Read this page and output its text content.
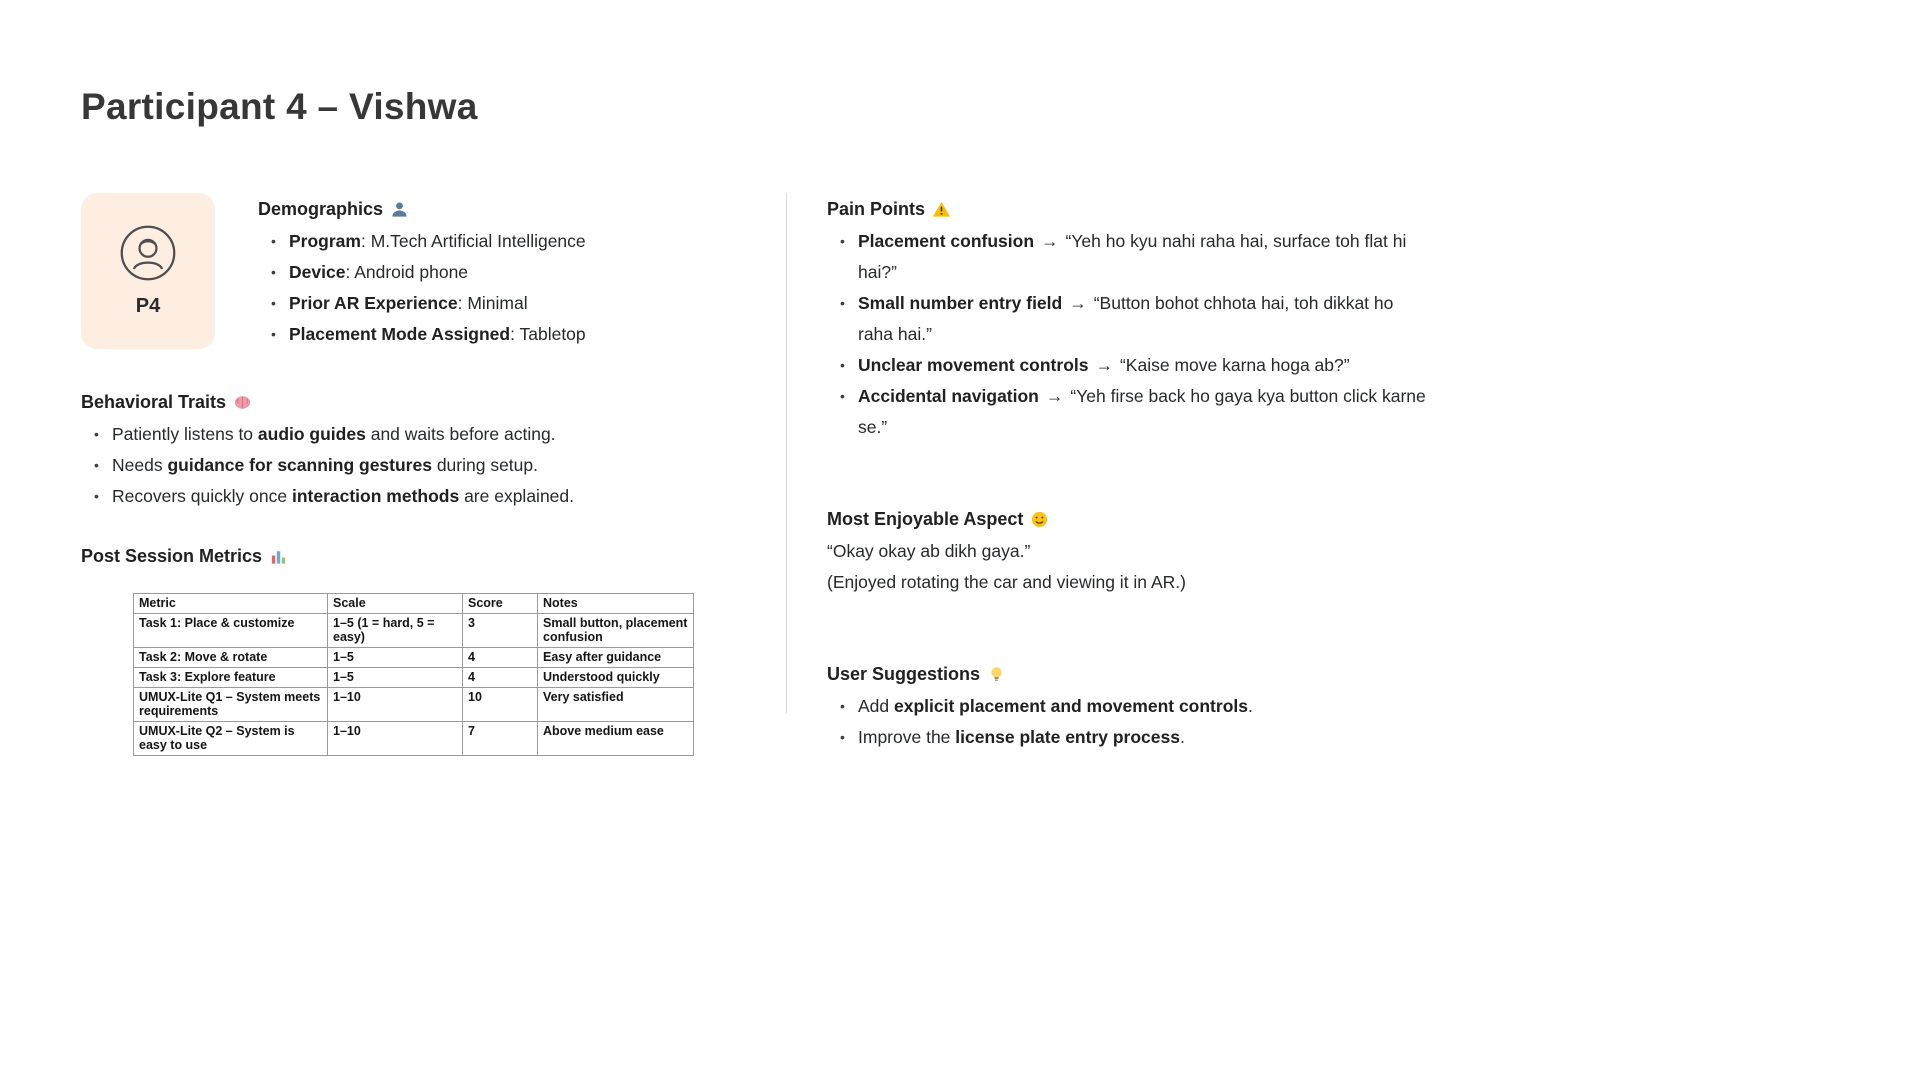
Participant 4 – Vishwa
P4
Demographics
• Program: M.Tech Artificial Intelligence
• Device: Android phone
• Prior AR Experience: Minimal
• Placement Mode Assigned: Tabletop
Behavioral Traits
• Patiently listens to audio guides and waits before acting.
• Needs guidance for scanning gestures during setup.
• Recovers quickly once interaction methods are explained.
Post Session Metrics
Metric	Scale	Score	Notes
Task 1: Place & customize	1–5 (1 = hard, 5 = easy)	3	Small button, placement confusion
Task 2: Move & rotate	1–5	4	Easy after guidance
Task 3: Explore feature	1–5	4	Understood quickly
UMUX-Lite Q1 – System meets requirements	1–10	10	Very satisfied
UMUX-Lite Q2 – System is easy to use	1–10	7	Above medium ease
Pain Points
• Placement confusion → “Yeh ho kyu nahi raha hai, surface toh flat hi hai?”
• Small number entry field → “Button bohot chhota hai, toh dikkat ho raha hai.”
• Unclear movement controls → “Kaise move karna hoga ab?”
• Accidental navigation → “Yeh firse back ho gaya kya button click karne se.”
Most Enjoyable Aspect
“Okay okay ab dikh gaya.”
(Enjoyed rotating the car and viewing it in AR.)
User Suggestions
• Add explicit placement and movement controls.
• Improve the license plate entry process.
